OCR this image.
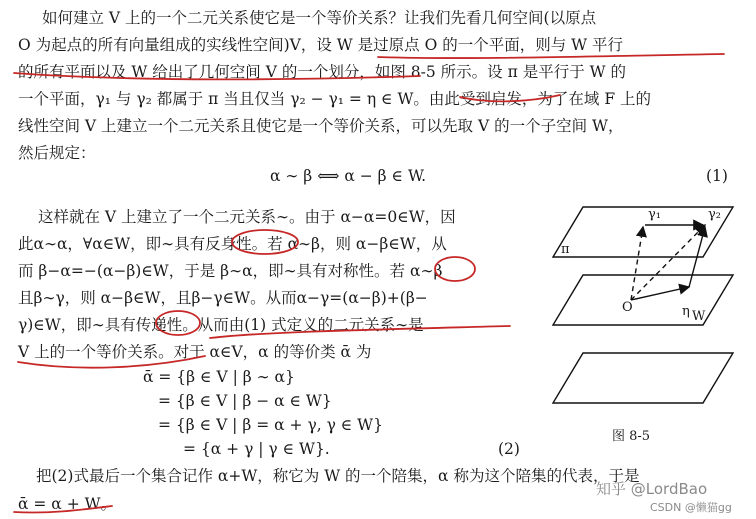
如何建立 V 上的一个二元关系使它是一个等价关系？让我们先看几何空间(以原点
O 为起点的所有向量组成的实线性空间)V，设 W 是过原点 O 的一个平面，则与 W 平行
的所有平面以及 W 给出了几何空间 V 的一个划分，如图 8-5 所示。设 π 是平行于 W 的
一个平面，γ₁ 与 γ₂ 都属于 π 当且仅当 γ₂ − γ₁ = η ∈ W。由此受到启发，为了在域 F 上的
线性空间 V 上建立一个二元关系且使它是一个等价关系，可以先取 V 的一个子空间 W，
然后规定：
α ∼ β ⟺ α − β ∈ W.	(1)
这样就在 V 上建立了一个二元关系∼。由于 α−α=0∈W，因
此α∼α，∀α∈W，即∼具有反身性。若 α∼β，则 α−β∈W，从
而 β−α=−(α−β)∈W，于是 β∼α，即∼具有对称性。若 α∼β
且β∼γ，则 α−β∈W，且β−γ∈W。从而α−γ=(α−β)+(β−
γ)∈W，即∼具有传递性。从而由(1) 式定义的二元关系∼是
V 上的一个等价关系。对于 α∈V，α 的等价类 ᾱ 为
ᾱ = {β ∈ V | β ∼ α}
= {β ∈ V | β − α ∈ W}
= {β ∈ V | β = α + γ, γ ∈ W}
= {α + γ | γ ∈ W}.	(2)
把(2)式最后一个集合记作 α+W，称它为 W 的一个陪集，α 称为这个陪集的代表，于是
ᾱ = α + W。
γ₁	γ₂
π
O	η W
图 8-5
知乎 @LordBao
CSDN @懒猫gg
